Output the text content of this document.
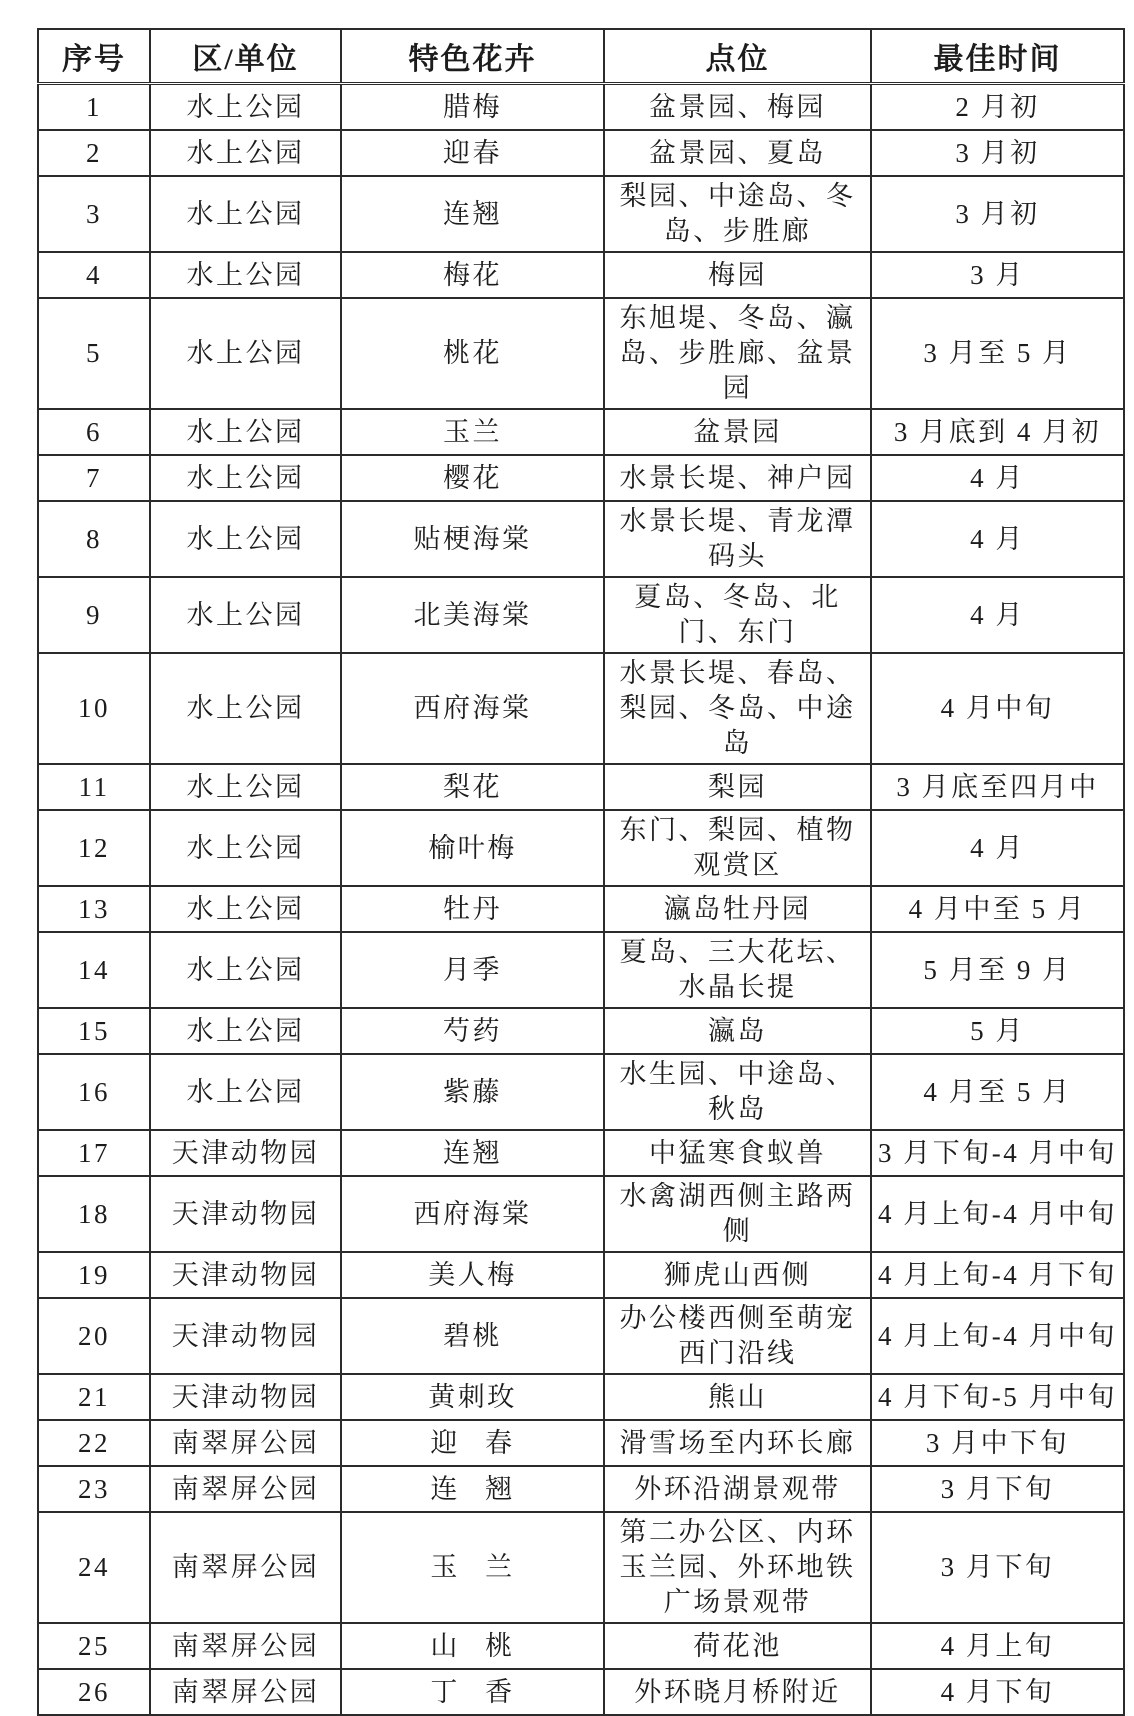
序号	区/单位	特色花卉	点位	最佳时间
1	水上公园	腊梅	盆景园、梅园	2 月初
2	水上公园	迎春	盆景园、夏岛	3 月初
3	水上公园	连翘	梨园、中途岛、冬岛、步胜廊	3 月初
4	水上公园	梅花	梅园	3 月
5	水上公园	桃花	东旭堤、冬岛、瀛岛、步胜廊、盆景园	3 月至 5 月
6	水上公园	玉兰	盆景园	3 月底到 4 月初
7	水上公园	樱花	水景长堤、神户园	4 月
8	水上公园	贴梗海棠	水景长堤、青龙潭码头	4 月
9	水上公园	北美海棠	夏岛、冬岛、北门、东门	4 月
10	水上公园	西府海棠	水景长堤、春岛、梨园、冬岛、中途岛	4 月中旬
11	水上公园	梨花	梨园	3 月底至四月中
12	水上公园	榆叶梅	东门、梨园、植物观赏区	4 月
13	水上公园	牡丹	瀛岛牡丹园	4 月中至 5 月
14	水上公园	月季	夏岛、三大花坛、水晶长提	5 月至 9 月
15	水上公园	芍药	瀛岛	5 月
16	水上公园	紫藤	水生园、中途岛、秋岛	4 月至 5 月
17	天津动物园	连翘	中猛寒食蚁兽	3 月下旬-4 月中旬
18	天津动物园	西府海棠	水禽湖西侧主路两侧	4 月上旬-4 月中旬
19	天津动物园	美人梅	狮虎山西侧	4 月上旬-4 月下旬
20	天津动物园	碧桃	办公楼西侧至萌宠西门沿线	4 月上旬-4 月中旬
21	天津动物园	黄刺玫	熊山	4 月下旬-5 月中旬
22	南翠屏公园	迎 春	滑雪场至内环长廊	3 月中下旬
23	南翠屏公园	连 翘	外环沿湖景观带	3 月下旬
24	南翠屏公园	玉 兰	第二办公区、内环玉兰园、外环地铁广场景观带	3 月下旬
25	南翠屏公园	山 桃	荷花池	4 月上旬
26	南翠屏公园	丁 香	外环晓月桥附近	4 月下旬
